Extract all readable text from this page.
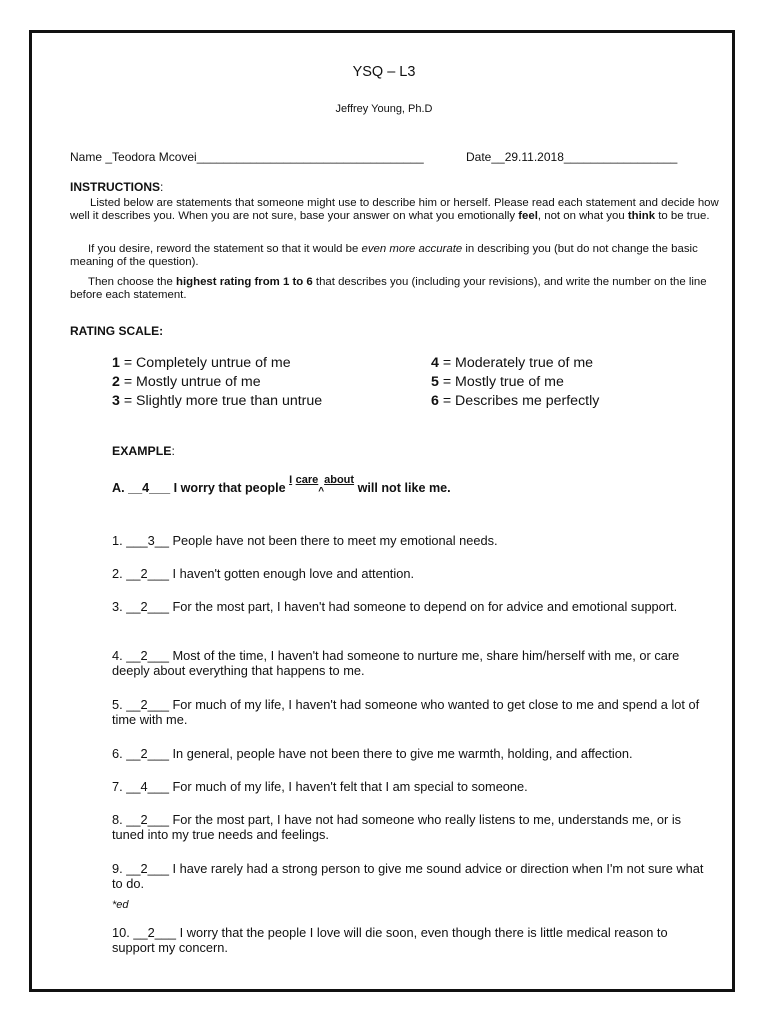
YSQ – L3
Jeffrey Young, Ph.D
Name _Teodora Mcovei__________________________________	Date__29.11.2018_________________
INSTRUCTIONS:
Listed below are statements that someone might use to describe him or herself. Please read each statement and decide how well it describes you. When you are not sure, base your answer on what you emotionally feel, not on what you think to be true.
If you desire, reword the statement so that it would be even more accurate in describing you (but do not change the basic meaning of the question).
Then choose the highest rating from 1 to 6 that describes you (including your revisions), and write the number on the line before each statement.
RATING SCALE:
1 = Completely untrue of me
2 = Mostly untrue of me
3 = Slightly more true than untrue
4 = Moderately true of me
5 = Mostly true of me
6 = Describes me perfectly
EXAMPLE:
A. __4___ I worry that people I care^about will not like me.
1. ___3__ People have not been there to meet my emotional needs.
2. __2___ I haven't gotten enough love and attention.
3. __2___ For the most part, I haven't had someone to depend on for advice and emotional support.
4. __2___ Most of the time, I haven't had someone to nurture me, share him/herself with me, or care deeply about everything that happens to me.
5. __2___ For much of my life, I haven't had someone who wanted to get close to me and spend a lot of time with me.
6. __2___ In general, people have not been there to give me warmth, holding, and affection.
7. __4___ For much of my life, I haven't felt that I am special to someone.
8. __2___ For the most part, I have not had someone who really listens to me, understands me, or is tuned into my true needs and feelings.
9. __2___ I have rarely had a strong person to give me sound advice or direction when I'm not sure what to do.
*ed
10. __2___ I worry that the people I love will die soon, even though there is little medical reason to support my concern.
